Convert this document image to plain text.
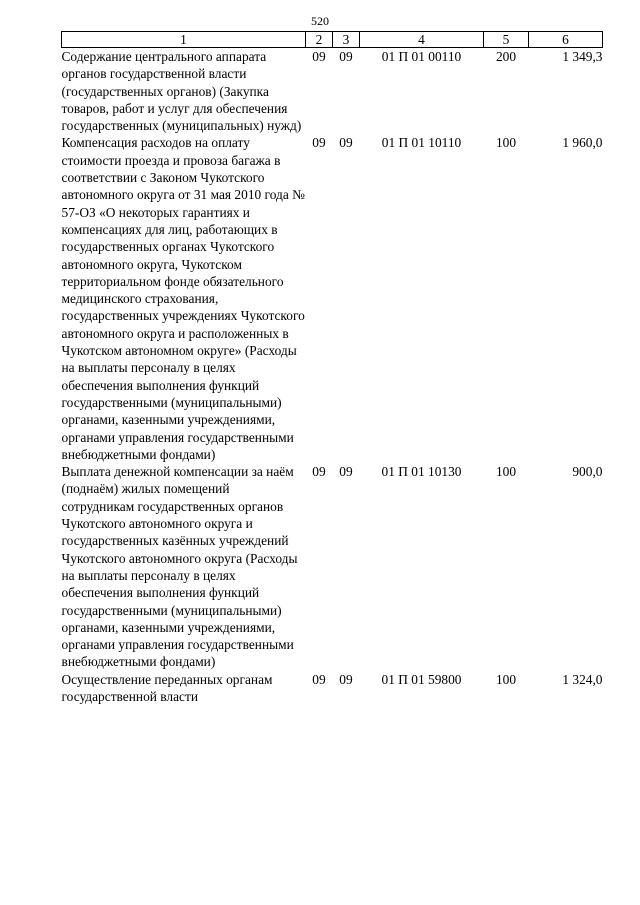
520
1	2	3	4	5	6
Содержание центрального аппарата органов государственной власти (государственных органов) (Закупка товаров, работ и услуг для обеспечения государственных (муниципальных) нужд)	09	09	01 П 01 00110	200	1 349,3
Компенсация расходов на оплату стоимости проезда и провоза багажа в соответствии с Законом Чукотского автономного округа от 31 мая 2010 года № 57-ОЗ «О некоторых гарантиях и компенсациях для лиц, работающих в государственных органах Чукотского автономного округа, Чукотском территориальном фонде обязательного медицинского страхования, государственных учреждениях Чукотского автономного округа и расположенных в Чукотском автономном округе» (Расходы на выплаты персоналу в целях обеспечения выполнения функций государственными (муниципальными) органами, казенными учреждениями, органами управления государственными внебюджетными фондами)	09	09	01 П 01 10110	100	1 960,0
Выплата денежной компенсации за наём (поднаём) жилых помещений сотрудникам государственных органов Чукотского автономного округа и государственных казённых учреждений Чукотского автономного округа (Расходы на выплаты персоналу в целях обеспечения выполнения функций государственными (муниципальными) органами, казенными учреждениями, органами управления государственными внебюджетными фондами)	09	09	01 П 01 10130	100	900,0
Осуществление переданных органам государственной власти	09	09	01 П 01 59800	100	1 324,0
